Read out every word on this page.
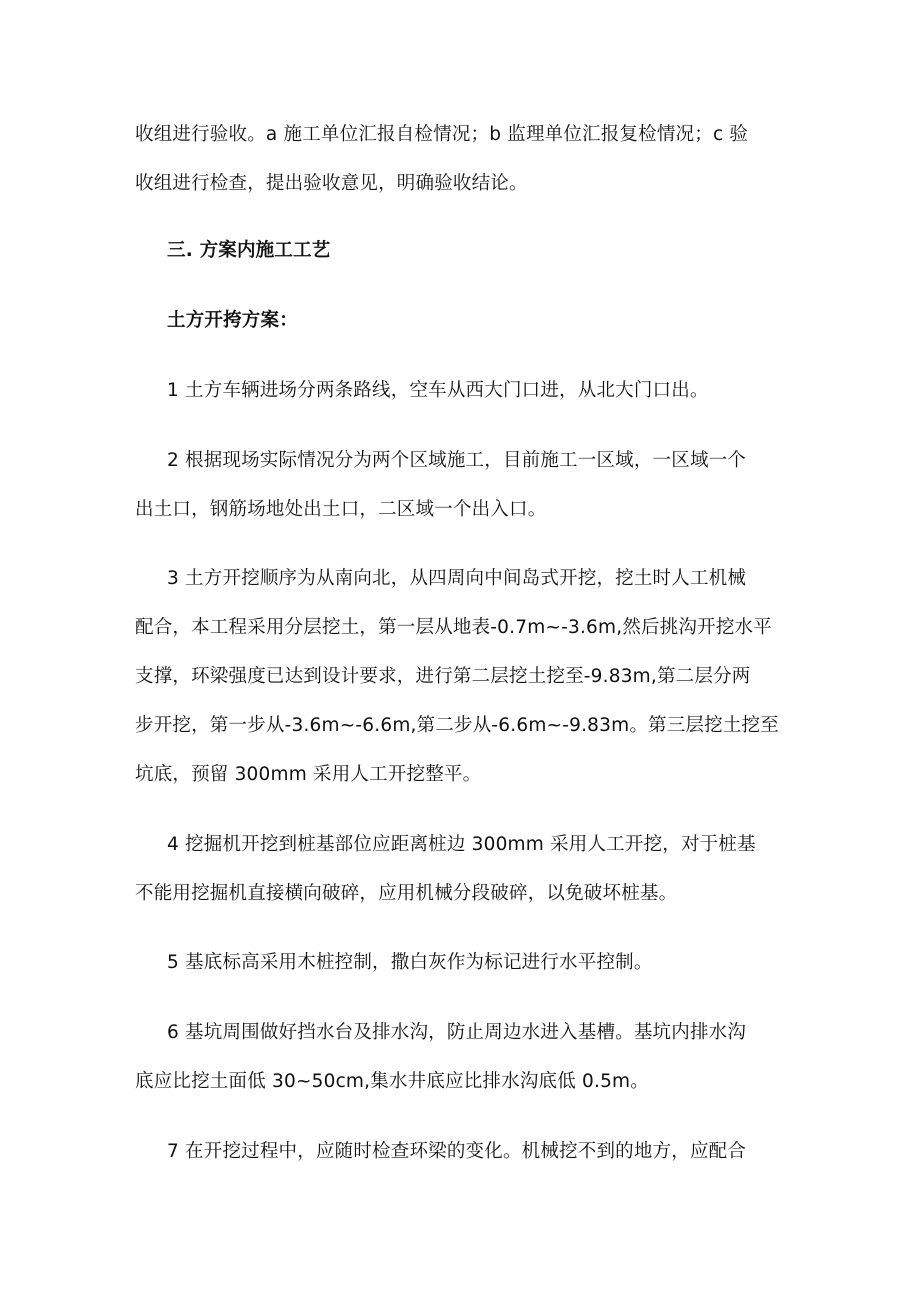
收组进行验收。a 施工单位汇报自检情况；b 监理单位汇报复检情况；c 验
收组进行检查，提出验收意见，明确验收结论。
三. 方案内施工工艺
土方开挎方案：
1 土方车辆进场分两条路线，空车从西大门口进，从北大门口出。
2 根据现场实际情况分为两个区域施工，目前施工一区域，一区域一个
出土口，钢筋场地处出土口，二区域一个出入口。
3 土方开挖顺序为从南向北，从四周向中间岛式开挖，挖土时人工机械
配合，本工程采用分层挖土，第一层从地表-0.7m~-3.6m,然后挑沟开挖水平
支撑，环梁强度已达到设计要求，进行第二层挖土挖至-9.83m,第二层分两
步开挖，第一步从-3.6m~-6.6m,第二步从-6.6m~-9.83m。第三层挖土挖至
坑底，预留 300mm 采用人工开挖整平。
4 挖掘机开挖到桩基部位应距离桩边 300mm 采用人工开挖，对于桩基
不能用挖掘机直接横向破碎，应用机械分段破碎，以免破坏桩基。
5 基底标高采用木桩控制，撒白灰作为标记进行水平控制。
6 基坑周围做好挡水台及排水沟，防止周边水进入基槽。基坑内排水沟
底应比挖土面低 30~50cm,集水井底应比排水沟底低 0.5m。
7 在开挖过程中，应随时检查环梁的变化。机械挖不到的地方，应配合
